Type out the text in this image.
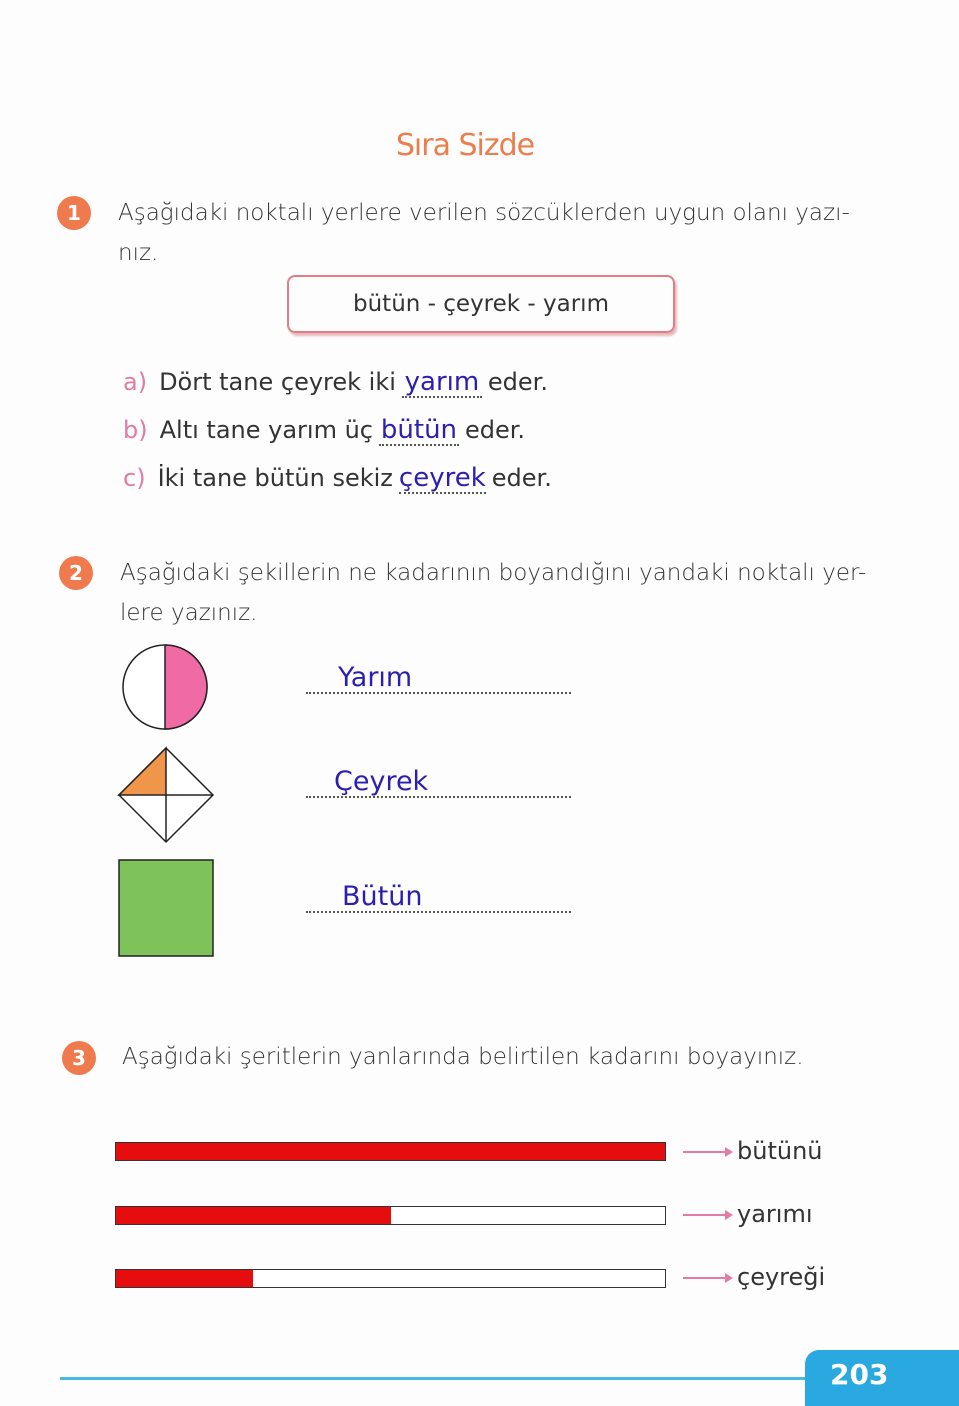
Sıra Sizde
1	Aşağıdaki noktalı yerlere verilen sözcüklerden uygun olanı yazı-
nız.
bütün - çeyrek - yarım
a) Dört tane çeyrek iki yarım eder.
b) Altı tane yarım üç bütün eder.
c) İki tane bütün sekiz çeyrek eder.
2	Aşağıdaki şekillerin ne kadarının boyandığını yandaki noktalı yer-
lere yazınız.
Yarım
Çeyrek
Bütün
3	Aşağıdaki şeritlerin yanlarında belirtilen kadarını boyayınız.
bütünü
yarımı
çeyreği
203
